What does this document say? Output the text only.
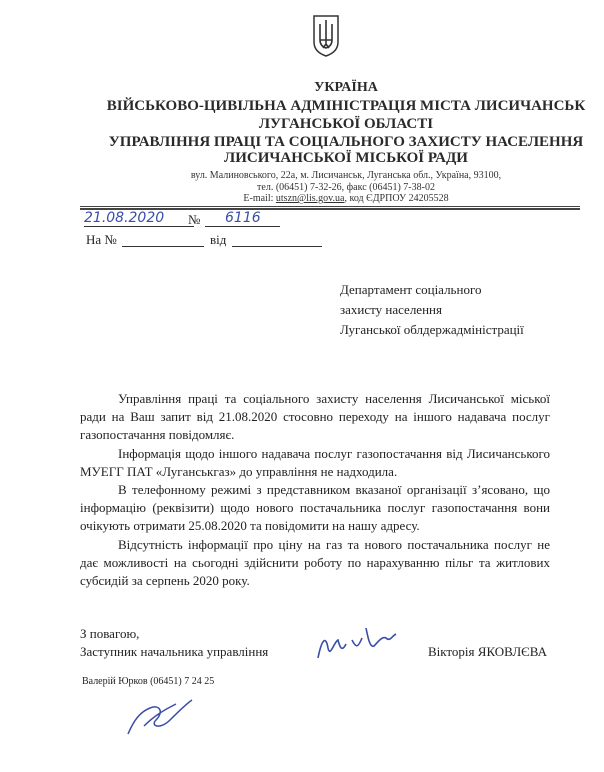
УКРАЇНА
ВІЙСЬКОВО-ЦИВІЛЬНА АДМІНІСТРАЦІЯ МІСТА ЛИСИЧАНСЬК
ЛУГАНСЬКОЇ ОБЛАСТІ
УПРАВЛІННЯ ПРАЦІ ТА СОЦІАЛЬНОГО ЗАХИСТУ НАСЕЛЕННЯ
ЛИСИЧАНСЬКОЇ МІСЬКОЇ РАДИ
вул. Малиновського, 22а, м. Лисичанськ, Луганська обл., Україна, 93100,
тел. (06451) 7-32-26, факс (06451) 7-38-02
E-mail: utszn@lis.gov.ua, код ЄДРПОУ 24205528
21.08.2020 № 6116
На №	від
Департамент соціального
захисту населення
Луганської облдержадміністрації
Управління праці та соціального захисту населення Лисичанської міської ради на Ваш запит від 21.08.2020 стосовно переходу на іншого надавача послуг газопостачання повідомляє.
Інформація щодо іншого надавача послуг газопостачання від Лисичанського МУЕГГ ПАТ «Луганськгаз» до управління не надходила.
В телефонному режимі з представником вказаної організації з’ясовано, що інформацію (реквізити) щодо нового постачальника послуг газопостачання вони очікують отримати 25.08.2020 та повідомити на нашу адресу.
Відсутність інформації про ціну на газ та нового постачальника послуг не дає можливості на сьогодні здійснити роботу по нарахуванню пільг та житлових субсидій за серпень 2020 року.
З повагою,
Заступник начальника управління	Вікторія ЯКОВЛЄВА
Валерій Юрков (06451) 7 24 25
